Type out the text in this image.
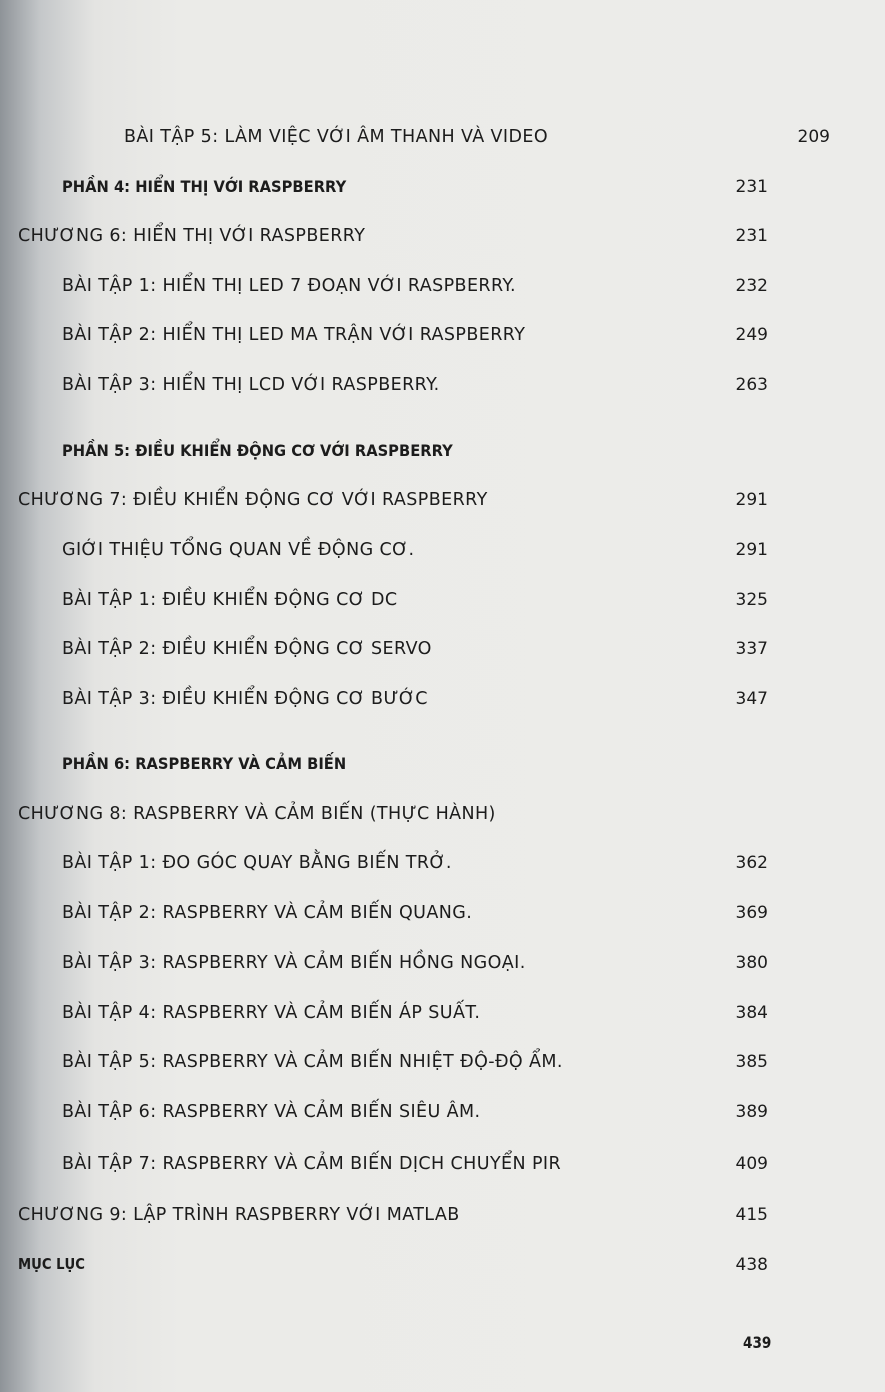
BÀI TẬP 5: LÀM VIỆC VỚI ÂM THANH VÀ VIDEO	209
PHẦN 4: HIỂN THỊ VỚI RASPBERRY	231
CHƯƠNG 6: HIỂN THỊ VỚI RASPBERRY	231
BÀI TẬP 1: HIỂN THỊ LED 7 ĐOẠN VỚI RASPBERRY.	232
BÀI TẬP 2: HIỂN THỊ LED MA TRẬN VỚI RASPBERRY	249
BÀI TẬP 3: HIỂN THỊ LCD VỚI RASPBERRY.	263
PHẦN 5: ĐIỀU KHIỂN ĐỘNG CƠ VỚI RASPBERRY
CHƯƠNG 7: ĐIỀU KHIỂN ĐỘNG CƠ VỚI RASPBERRY	291
GIỚI THIỆU TỔNG QUAN VỀ ĐỘNG CƠ.	291
BÀI TẬP 1: ĐIỀU KHIỂN ĐỘNG CƠ DC	325
BÀI TẬP 2: ĐIỀU KHIỂN ĐỘNG CƠ SERVO	337
BÀI TẬP 3: ĐIỀU KHIỂN ĐỘNG CƠ BƯỚC	347
PHẦN 6: RASPBERRY VÀ CẢM BIẾN
CHƯƠNG 8: RASPBERRY VÀ CẢM BIẾN (THỰC HÀNH)
BÀI TẬP 1: ĐO GÓC QUAY BẰNG BIẾN TRỞ.	362
BÀI TẬP 2: RASPBERRY VÀ CẢM BIẾN QUANG.	369
BÀI TẬP 3: RASPBERRY VÀ CẢM BIẾN HỒNG NGOẠI.	380
BÀI TẬP 4: RASPBERRY VÀ CẢM BIẾN ÁP SUẤT.	384
BÀI TẬP 5: RASPBERRY VÀ CẢM BIẾN NHIỆT ĐỘ-ĐỘ ẨM.	385
BÀI TẬP 6: RASPBERRY VÀ CẢM BIẾN SIÊU ÂM.	389
BÀI TẬP 7: RASPBERRY VÀ CẢM BIẾN DỊCH CHUYỂN PIR	409
CHƯƠNG 9: LẬP TRÌNH RASPBERRY VỚI MATLAB	415
MỤC LỤC	438
439
